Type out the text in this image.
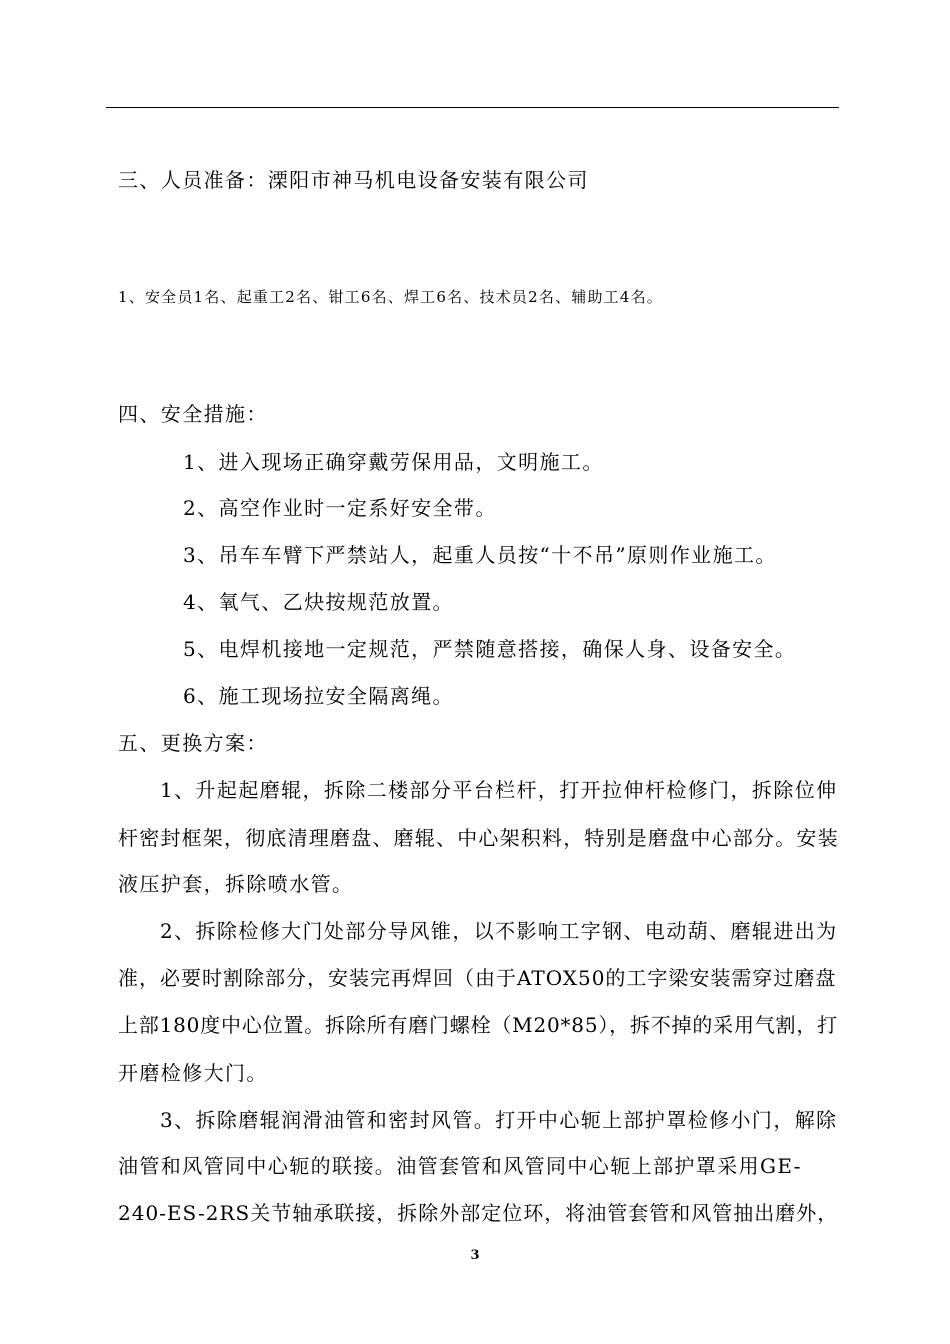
三、人员准备：溧阳市神马机电设备安装有限公司
1、安全员1名、起重工2名、钳工6名、焊工6名、技术员2名、辅助工4名。
四、安全措施：
1、进入现场正确穿戴劳保用品，文明施工。
2、高空作业时一定系好安全带。
3、吊车车臂下严禁站人，起重人员按“十不吊”原则作业施工。
4、氧气、乙炔按规范放置。
5、电焊机接地一定规范，严禁随意搭接，确保人身、设备安全。
6、施工现场拉安全隔离绳。
五、更换方案：
1、升起起磨辊，拆除二楼部分平台栏杆，打开拉伸杆检修门，拆除位伸
杆密封框架，彻底清理磨盘、磨辊、中心架积料，特别是磨盘中心部分。安装
液压护套，拆除喷水管。
2、拆除检修大门处部分导风锥，以不影响工字钢、电动葫、磨辊进出为
准，必要时割除部分，安装完再焊回（由于ATOX50的工字梁安装需穿过磨盘
上部180度中心位置。拆除所有磨门螺栓（M20*85），拆不掉的采用气割，打
开磨检修大门。
3、拆除磨辊润滑油管和密封风管。打开中心轭上部护罩检修小门，解除
油管和风管同中心轭的联接。油管套管和风管同中心轭上部护罩采用GE-
240-ES-2RS关节轴承联接，拆除外部定位环，将油管套管和风管抽出磨外，
3
